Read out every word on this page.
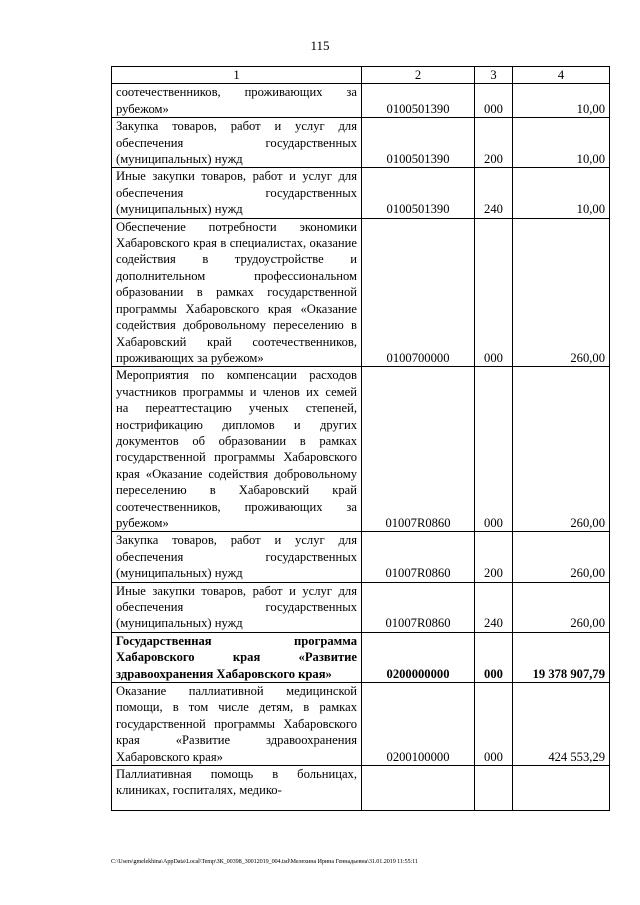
115
1	2	3	4
соотечественников, проживающих за рубежом»	0100501390	000	10,00
Закупка товаров, работ и услуг для обеспечения государственных (муниципальных) нужд	0100501390	200	10,00
Иные закупки товаров, работ и услуг для обеспечения государственных (муниципальных) нужд	0100501390	240	10,00
Обеспечение потребности экономики Хабаровского края в специалистах, оказание содействия в трудоустройстве и дополнительном профессиональном образовании в рамках государственной программы Хабаровского края «Оказание содействия добровольному переселению в Хабаровский край соотечественников, проживающих за рубежом»	0100700000	000	260,00
Мероприятия по компенсации расходов участников программы и членов их семей на переаттестацию ученых степеней, нострификацию дипломов и других документов об образовании в рамках государственной программы Хабаровского края «Оказание содействия добровольному переселению в Хабаровский край соотечественников, проживающих за рубежом»	01007R0860	000	260,00
Закупка товаров, работ и услуг для обеспечения государственных (муниципальных) нужд	01007R0860	200	260,00
Иные закупки товаров, работ и услуг для обеспечения государственных (муниципальных) нужд	01007R0860	240	260,00
Государственная программа Хабаровского края «Развитие здравоохранения Хабаровского края»	0200000000	000	19 378 907,79
Оказание паллиативной медицинской помощи, в том числе детям, в рамках государственной программы Хабаровского края «Развитие здравоохранения Хабаровского края»	0200100000	000	424 553,29
Паллиативная помощь в больницах, клиниках, госпиталях, медико-			
C:\Users\gmelekhina\AppData\Local\Temp\ЗК_00398_30012019_004.tsd\Мелехина Ирина Геннадьевна\31.01.2019 11:55:11
